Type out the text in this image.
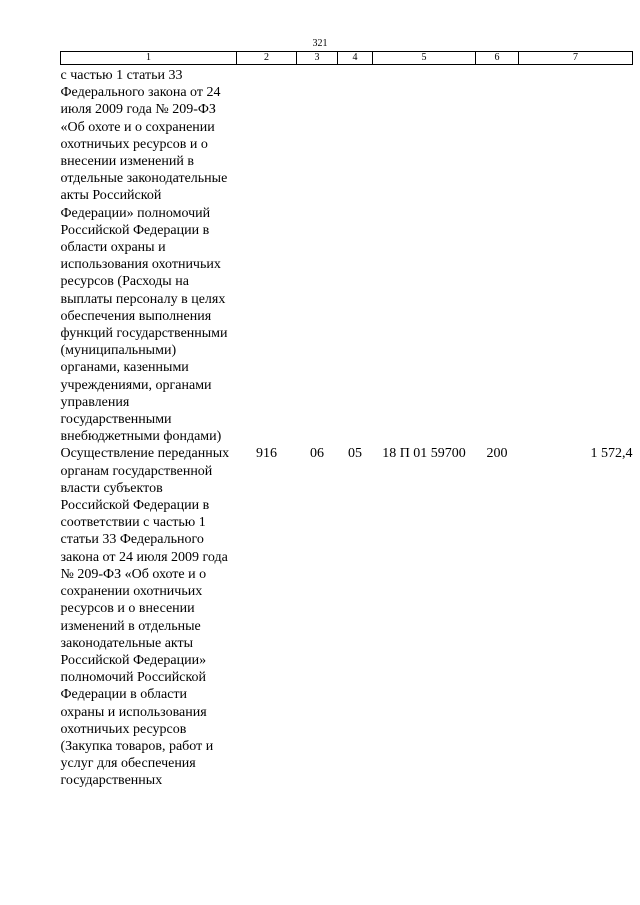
321
1	2	3	4	5	6	7
с частью 1 статьи 33 Федерального закона от 24 июля 2009 года № 209-ФЗ «Об охоте и о сохранении охотничьих ресурсов и о внесении изменений в отдельные законодательные акты Российской Федерации» полномочий Российской Федерации в области охраны и использования охотничьих ресурсов (Расходы на выплаты персоналу в целях обеспечения выполнения функций государственными (муниципальными) органами, казенными учреждениями, органами управления государственными внебюджетными фондами)						
Осуществление переданных органам государственной власти субъектов Российской Федерации в соответствии с частью 1 статьи 33 Федерального закона от 24 июля 2009 года № 209-ФЗ «Об охоте и о сохранении охотничьих ресурсов и о внесении изменений в отдельные законодательные акты Российской Федерации» полномочий Российской Федерации в области охраны и использования охотничьих ресурсов (Закупка товаров, работ и услуг для обеспечения государственных	916	06	05	18 П 01 59700	200	1 572,4
